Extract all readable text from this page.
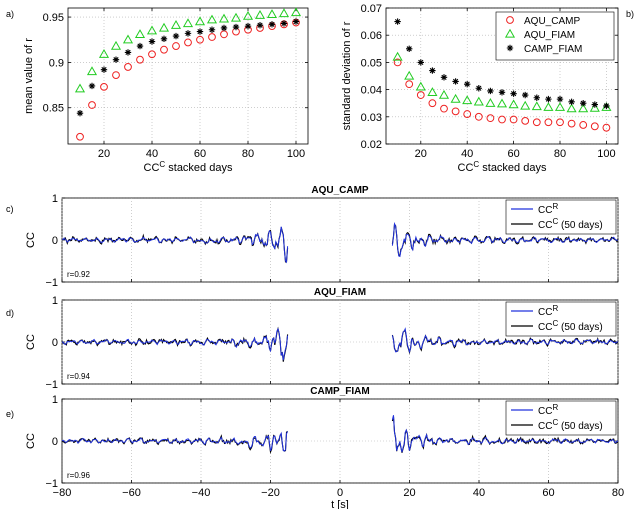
a)	b)
c)
d)
e)
20	40	60	80	100
0.85
0.9
0.95
$CC^C$ stacked days
mean value of r
20	40	60	80	100
0.02
0.03
0.04
0.05
0.06
0.07
$CC^C$ stacked days
standard deviation of r
AQU_CAMP
AQU_FIAM
CAMP_FIAM
−1
0
1
AQU_CAMP
CC
r=0.92
$CC^R$
$CC^C$ (50 days)
−1
0
1
AQU_FIAM
CC
r=0.94
$CC^R$
$CC^C$ (50 days)
−80	−60	−40	−20	0	20	40	60	80
−1
0
1
CAMP_FIAM
CC
r=0.96
t [s]
$CC^R$
$CC^C$ (50 days)
